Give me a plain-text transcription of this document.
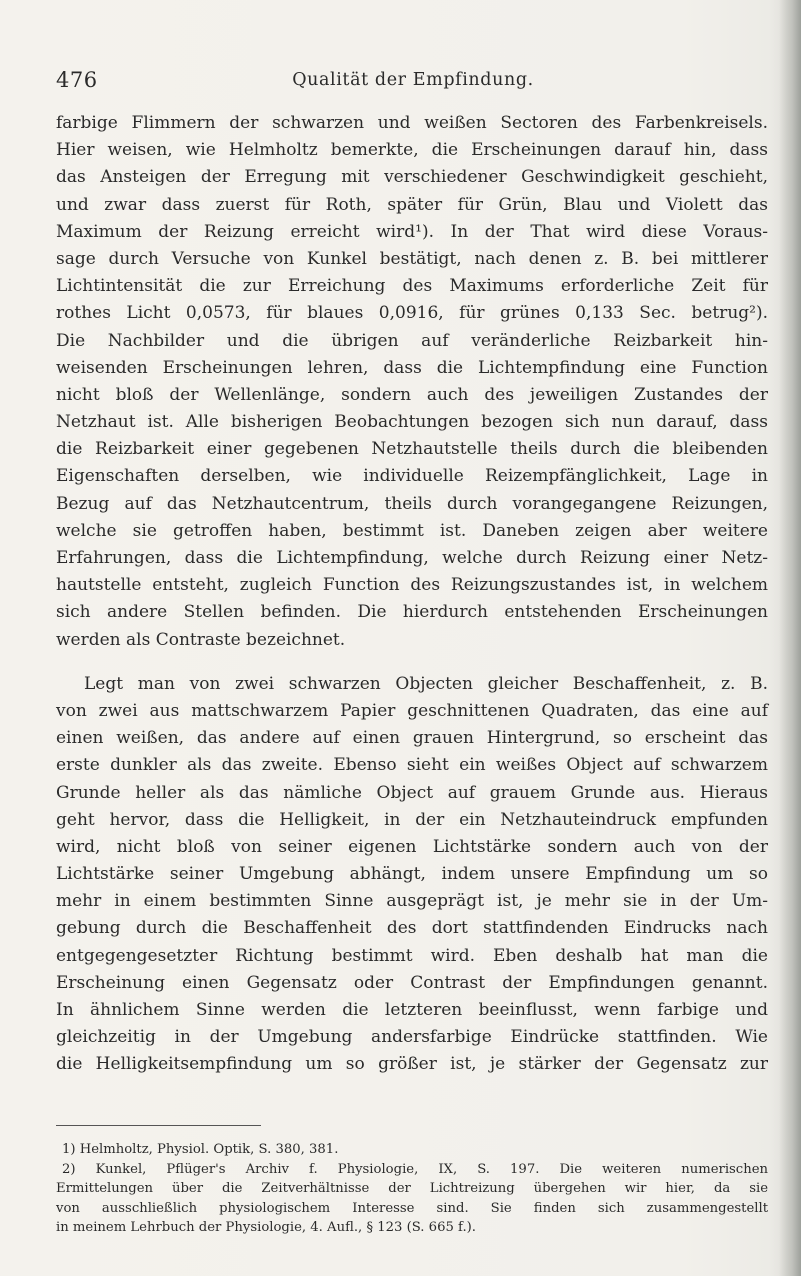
476	Qualität der Empfindung.
farbige Flimmern der schwarzen und weißen Sectoren des Farbenkreisels.
Hier weisen, wie Helmholtz bemerkte, die Erscheinungen darauf hin, dass
das Ansteigen der Erregung mit verschiedener Geschwindigkeit geschieht,
und zwar dass zuerst für Roth, später für Grün, Blau und Violett das
Maximum der Reizung erreicht wird¹). In der That wird diese Voraus-
sage durch Versuche von Kunkel bestätigt, nach denen z. B. bei mittlerer
Lichtintensität die zur Erreichung des Maximums erforderliche Zeit für
rothes Licht 0,0573, für blaues 0,0916, für grünes 0,133 Sec. betrug²).
Die Nachbilder und die übrigen auf veränderliche Reizbarkeit hin-
weisenden Erscheinungen lehren, dass die Lichtempfindung eine Function
nicht bloß der Wellenlänge, sondern auch des jeweiligen Zustandes der
Netzhaut ist. Alle bisherigen Beobachtungen bezogen sich nun darauf, dass
die Reizbarkeit einer gegebenen Netzhautstelle theils durch die bleibenden
Eigenschaften derselben, wie individuelle Reizempfänglichkeit, Lage in
Bezug auf das Netzhautcentrum, theils durch vorangegangene Reizungen,
welche sie getroffen haben, bestimmt ist. Daneben zeigen aber weitere
Erfahrungen, dass die Lichtempfindung, welche durch Reizung einer Netz-
hautstelle entsteht, zugleich Function des Reizungszustandes ist, in welchem
sich andere Stellen befinden. Die hierdurch entstehenden Erscheinungen
werden als Contraste bezeichnet.
Legt man von zwei schwarzen Objecten gleicher Beschaffenheit, z. B.
von zwei aus mattschwarzem Papier geschnittenen Quadraten, das eine auf
einen weißen, das andere auf einen grauen Hintergrund, so erscheint das
erste dunkler als das zweite. Ebenso sieht ein weißes Object auf schwarzem
Grunde heller als das nämliche Object auf grauem Grunde aus. Hieraus
geht hervor, dass die Helligkeit, in der ein Netzhauteindruck empfunden
wird, nicht bloß von seiner eigenen Lichtstärke sondern auch von der
Lichtstärke seiner Umgebung abhängt, indem unsere Empfindung um so
mehr in einem bestimmten Sinne ausgeprägt ist, je mehr sie in der Um-
gebung durch die Beschaffenheit des dort stattfindenden Eindrucks nach
entgegengesetzter Richtung bestimmt wird. Eben deshalb hat man die
Erscheinung einen Gegensatz oder Contrast der Empfindungen genannt.
In ähnlichem Sinne werden die letzteren beeinflusst, wenn farbige und
gleichzeitig in der Umgebung andersfarbige Eindrücke stattfinden. Wie
die Helligkeitsempfindung um so größer ist, je stärker der Gegensatz zur
1) Helmholtz, Physiol. Optik, S. 380, 381.
2) Kunkel, Pflüger's Archiv f. Physiologie, IX, S. 197. Die weiteren numerischen
Ermittelungen über die Zeitverhältnisse der Lichtreizung übergehen wir hier, da sie
von ausschließlich physiologischem Interesse sind. Sie finden sich zusammengestellt
in meinem Lehrbuch der Physiologie, 4. Aufl., § 123 (S. 665 f.).
